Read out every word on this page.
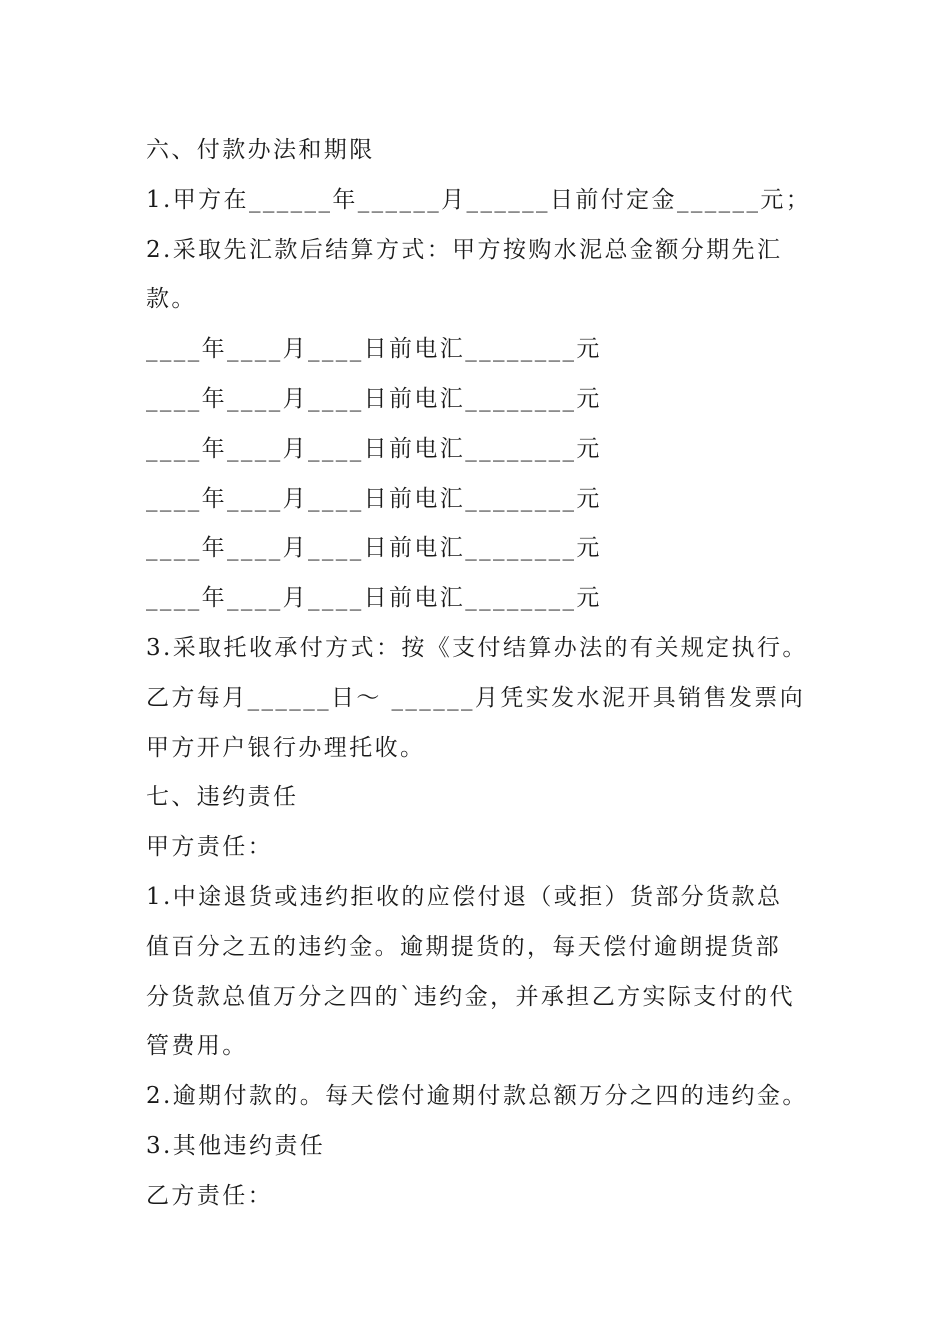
六、付款办法和期限
1.甲方在______年______月______日前付定金______元；
2.采取先汇款后结算方式：甲方按购水泥总金额分期先汇
款。
____年____月____日前电汇________元
____年____月____日前电汇________元
____年____月____日前电汇________元
____年____月____日前电汇________元
____年____月____日前电汇________元
____年____月____日前电汇________元
3.采取托收承付方式：按《支付结算办法的有关规定执行。
乙方每月______日～ ______月凭实发水泥开具销售发票向
甲方开户银行办理托收。
七、违约责任
甲方责任：
1.中途退货或违约拒收的应偿付退（或拒）货部分货款总
值百分之五的违约金。逾期提货的，每天偿付逾朗提货部
分货款总值万分之四的`违约金，并承担乙方实际支付的代
管费用。
2.逾期付款的。每天偿付逾期付款总额万分之四的违约金。
3.其他违约责任
乙方责任：
